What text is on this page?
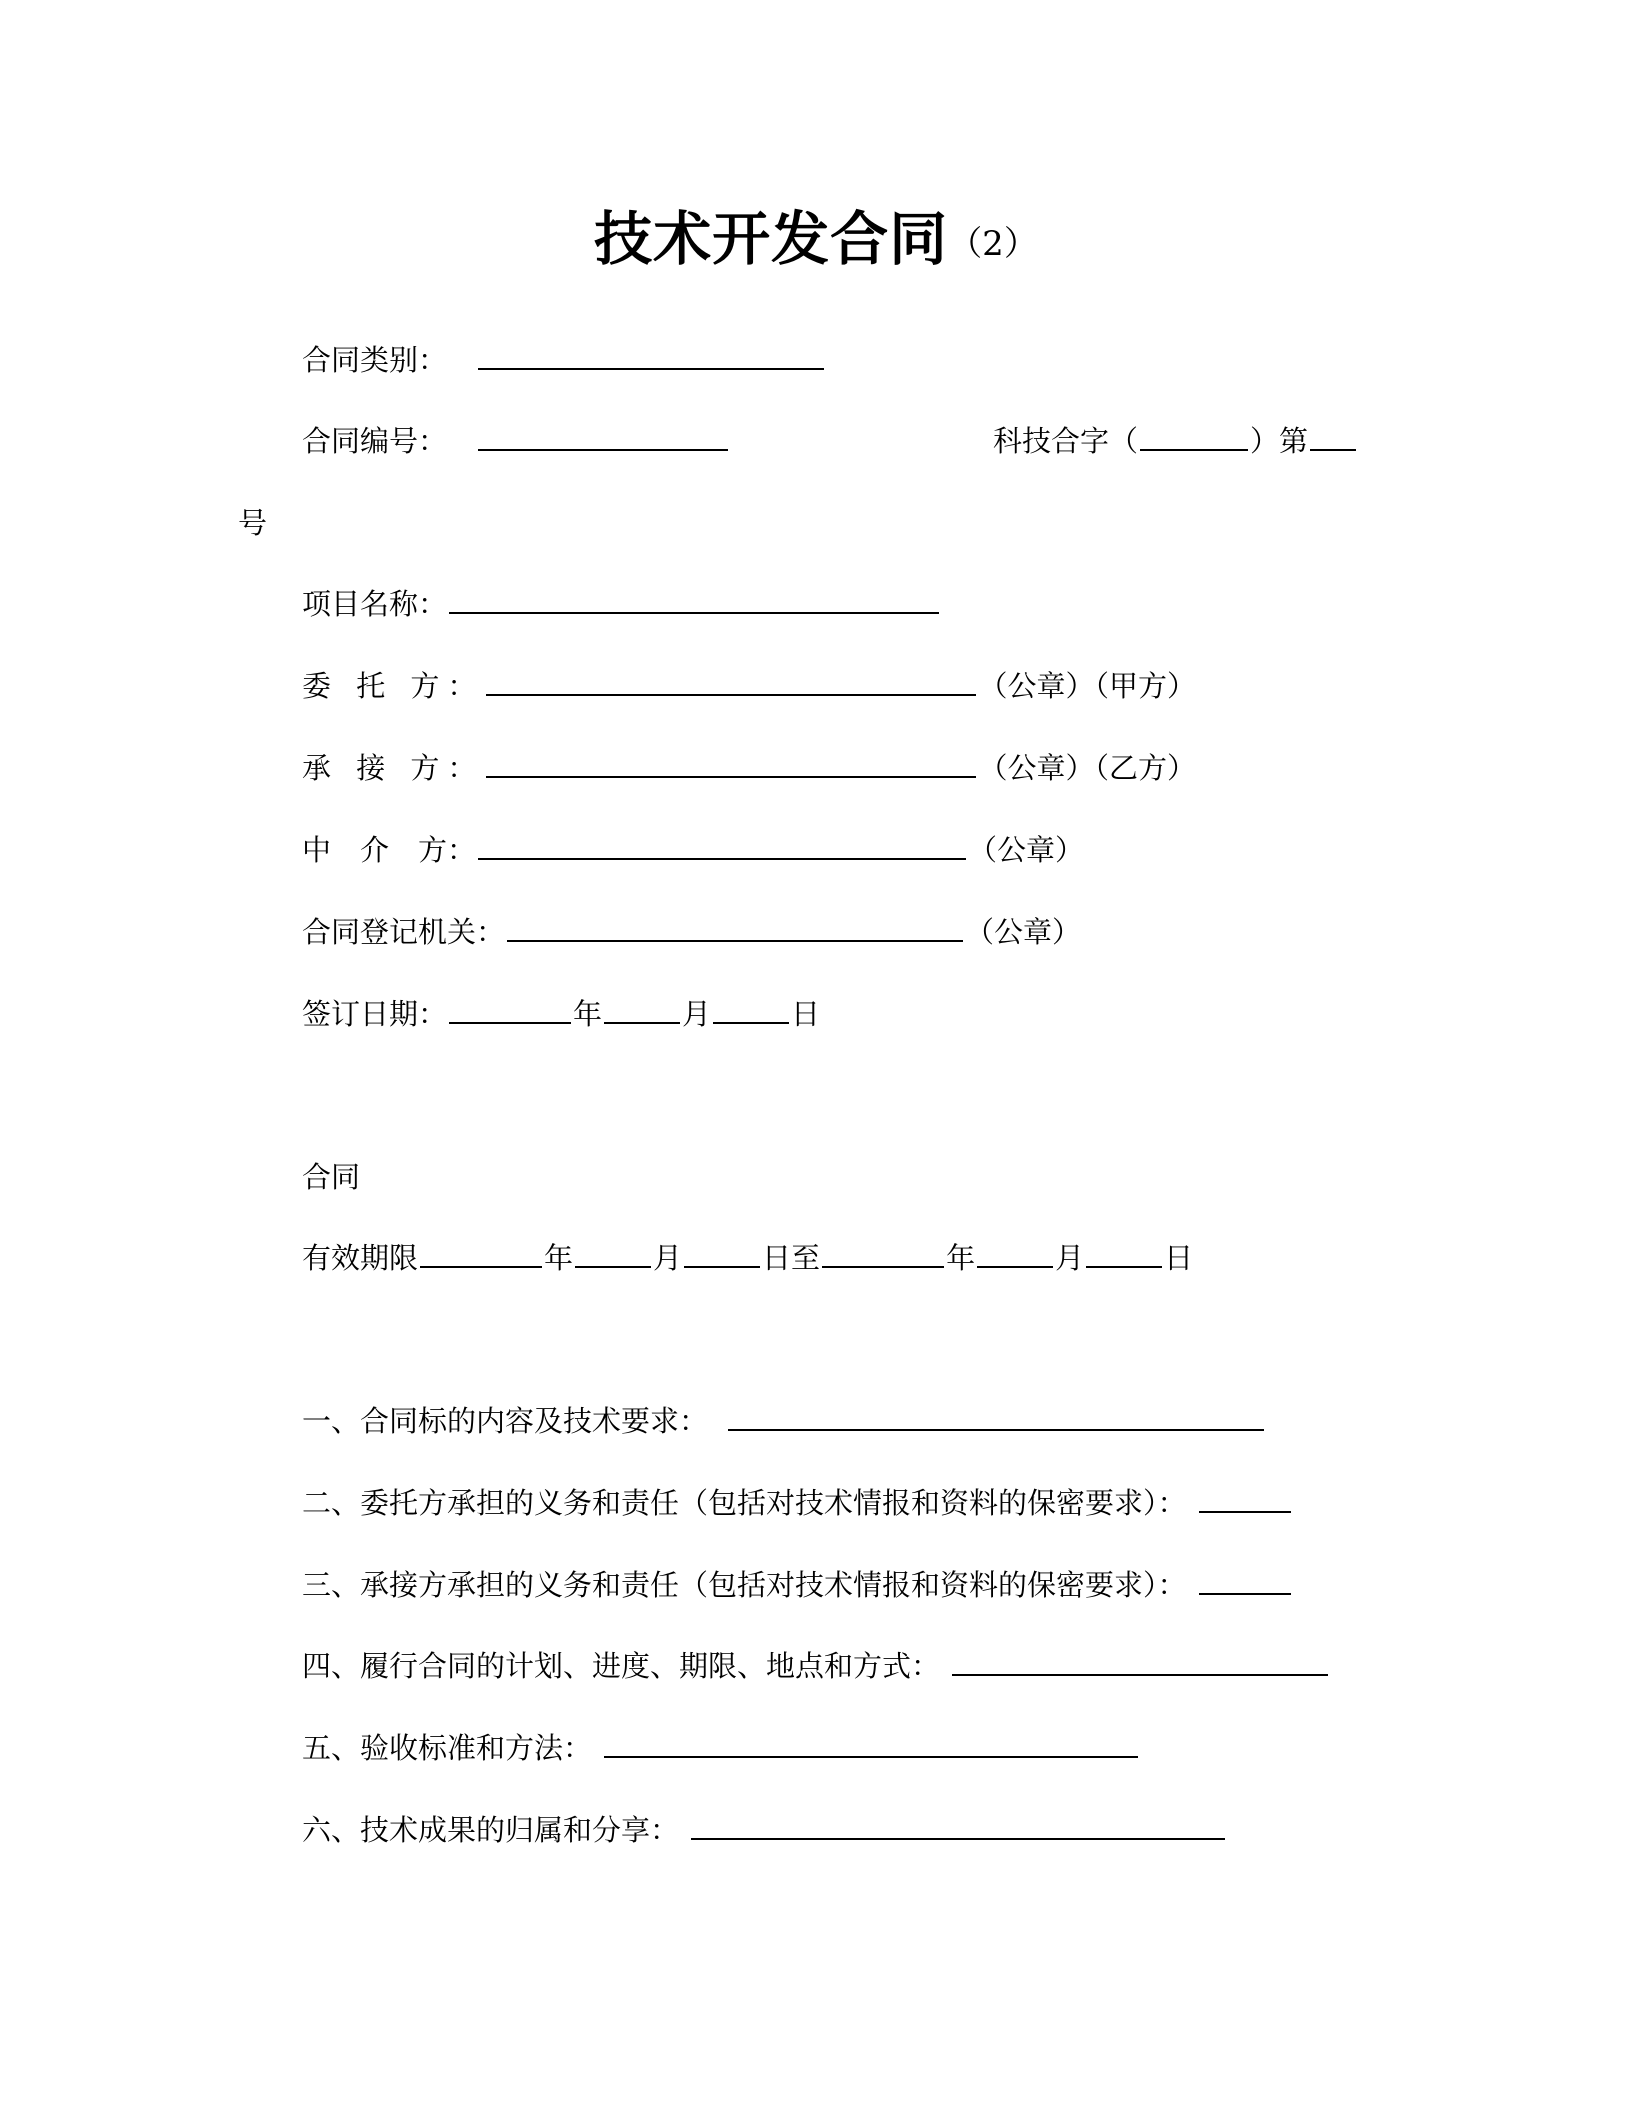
技术开发合同（2）
合同类别：
合同编号：	科技合字（	）第
号
项目名称：
委 托 方：	（公章）（甲方）
承 接 方：	（公章）（乙方）
中　介　方：	（公章）
合同登记机关：	（公章）
签订日期：	年	月	日
合同
有效期限	年	月	日至	年	月	日
一、合同标的内容及技术要求：
二、委托方承担的义务和责任（包括对技术情报和资料的保密要求）：
三、承接方承担的义务和责任（包括对技术情报和资料的保密要求）：
四、履行合同的计划、进度、期限、地点和方式：
五、验收标准和方法：
六、技术成果的归属和分享：
